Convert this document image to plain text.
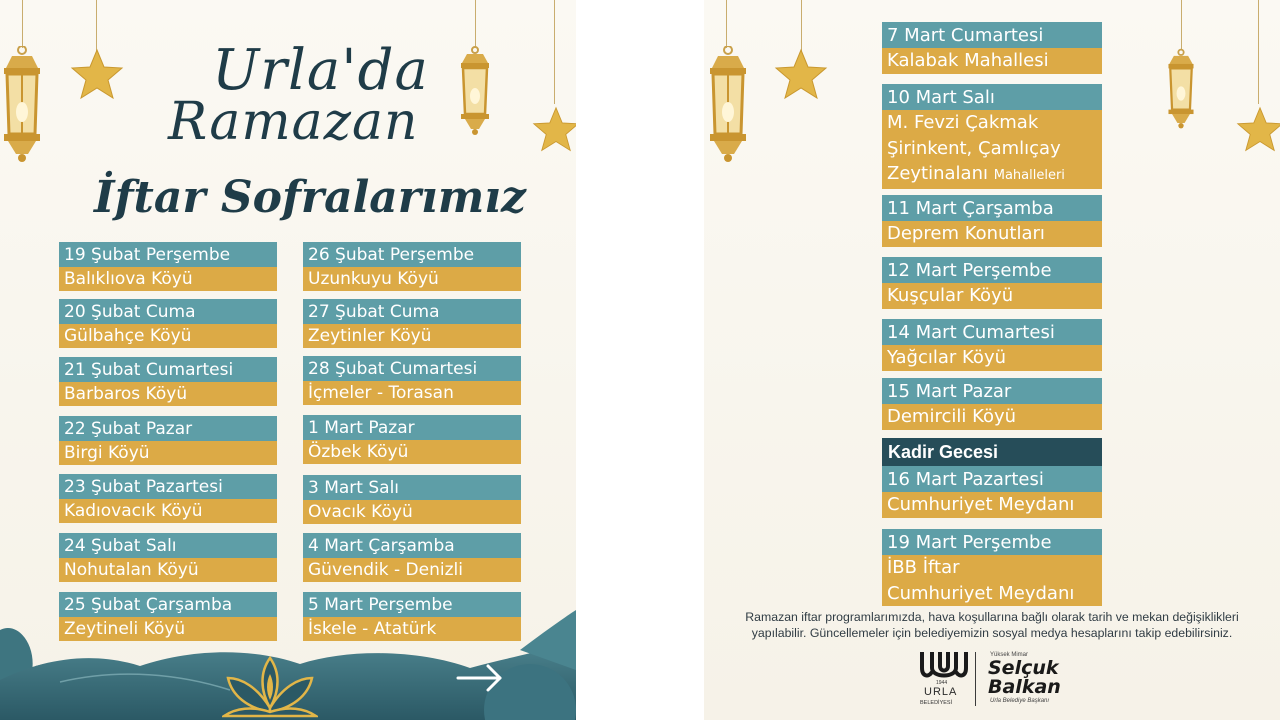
Urla'da
Ramazan
İftar Sofralarımız
19 Şubat Perşembe
Balıklıova Köyü
20 Şubat Cuma
Gülbahçe Köyü
21 Şubat Cumartesi
Barbaros Köyü
22 Şubat Pazar
Birgi Köyü
23 Şubat Pazartesi
Kadıovacık Köyü
24 Şubat Salı
Nohutalan Köyü
25 Şubat Çarşamba
Zeytineli Köyü
26 Şubat Perşembe
Uzunkuyu Köyü
27 Şubat Cuma
Zeytinler Köyü
28 Şubat Cumartesi
İçmeler - Torasan
1 Mart Pazar
Özbek Köyü
3 Mart Salı
Ovacık Köyü
4 Mart Çarşamba
Güvendik - Denizli
5 Mart Perşembe
İskele - Atatürk
7 Mart Cumartesi
Kalabak Mahallesi
10 Mart Salı
M. Fevzi Çakmak
Şirinkent, Çamlıçay
Zeytinalanı Mahalleleri
11 Mart Çarşamba
Deprem Konutları
12 Mart Perşembe
Kuşçular Köyü
14 Mart Cumartesi
Yağcılar Köyü
15 Mart Pazar
Demircili Köyü
Kadir Gecesi
16 Mart Pazartesi
Cumhuriyet Meydanı
19 Mart Perşembe
İBB İftar
Cumhuriyet Meydanı
Ramazan iftar programlarımızda, hava koşullarına bağlı olarak tarih ve mekan değişiklikleri
yapılabilir. Güncellemeler için belediyemizin sosyal medya hesaplarını takip edebilirsiniz.
1944
URLA
BELEDİYESİ
Yüksek Mimar
Selçuk
Balkan
Urla Belediye Başkanı
